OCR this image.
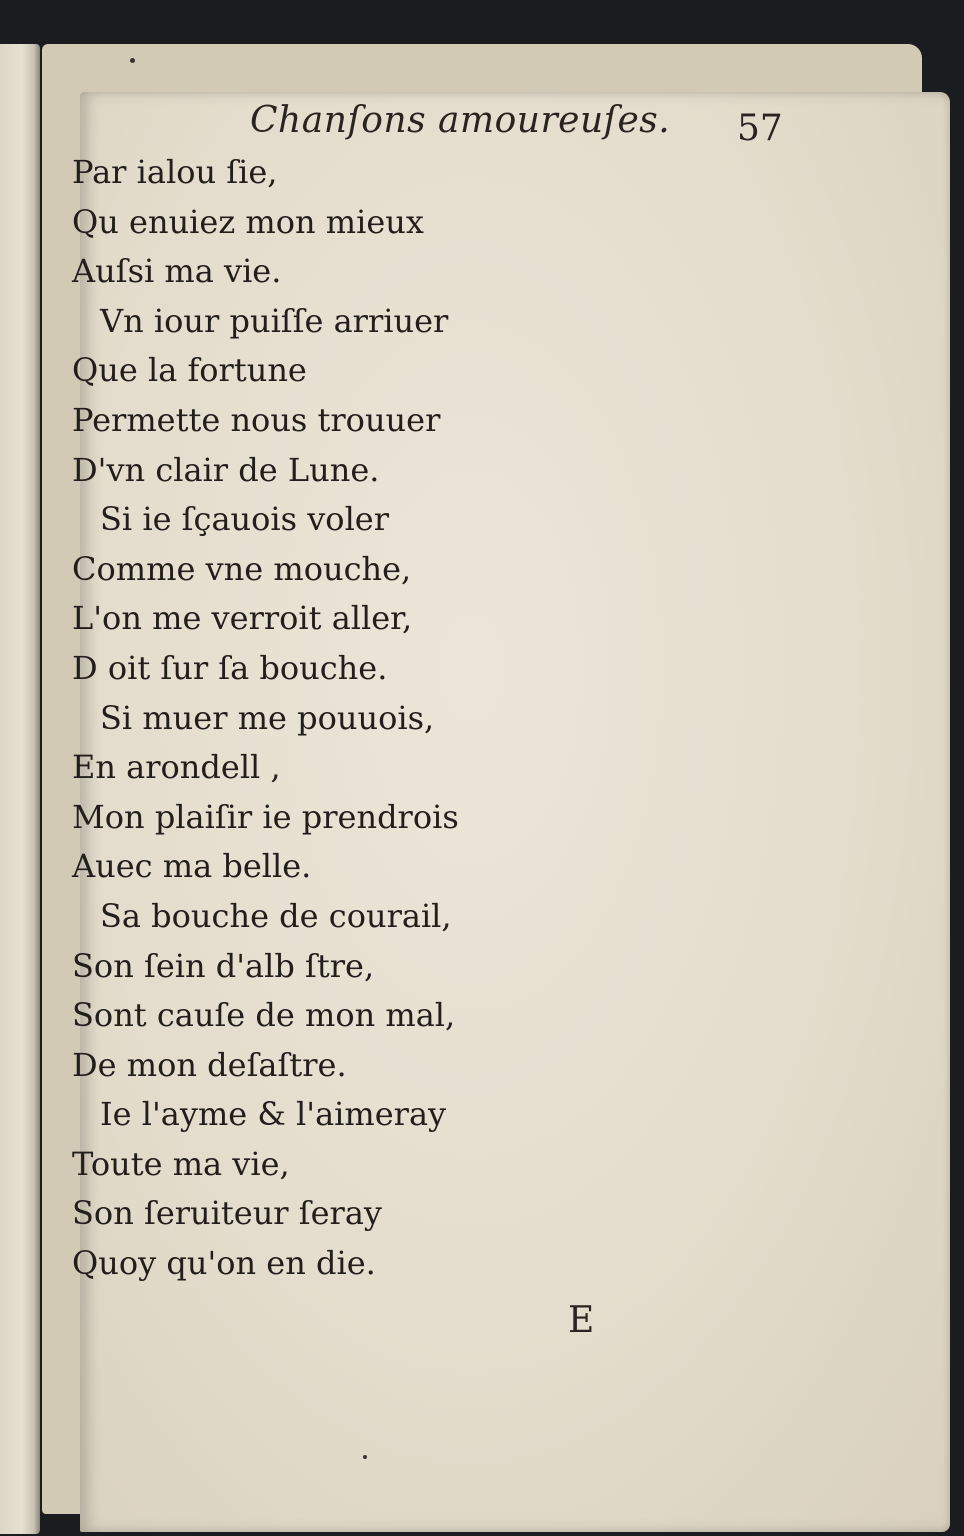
Chanſons amoureuſes. 57
Par ialou ſie,
Qu enuiez mon mieux
Auſsi ma vie.
Vn iour puiſſe arriuer
Que la fortune
Permette nous trouuer
D'vn clair de Lune.
Si ie ſçauois voler
Comme vne mouche,
L'on me verroit aller,
D oit ſur ſa bouche.
Si muer me pouuois,
En arondell ,
Mon plaiſir ie prendrois
Auec ma belle.
Sa bouche de courail,
Son ſein d'alb ſtre,
Sont cauſe de mon mal,
De mon deſaſtre.
Ie l'ayme & l'aimeray
Toute ma vie,
Son ſeruiteur ſeray
Quoy qu'on en die.
E
